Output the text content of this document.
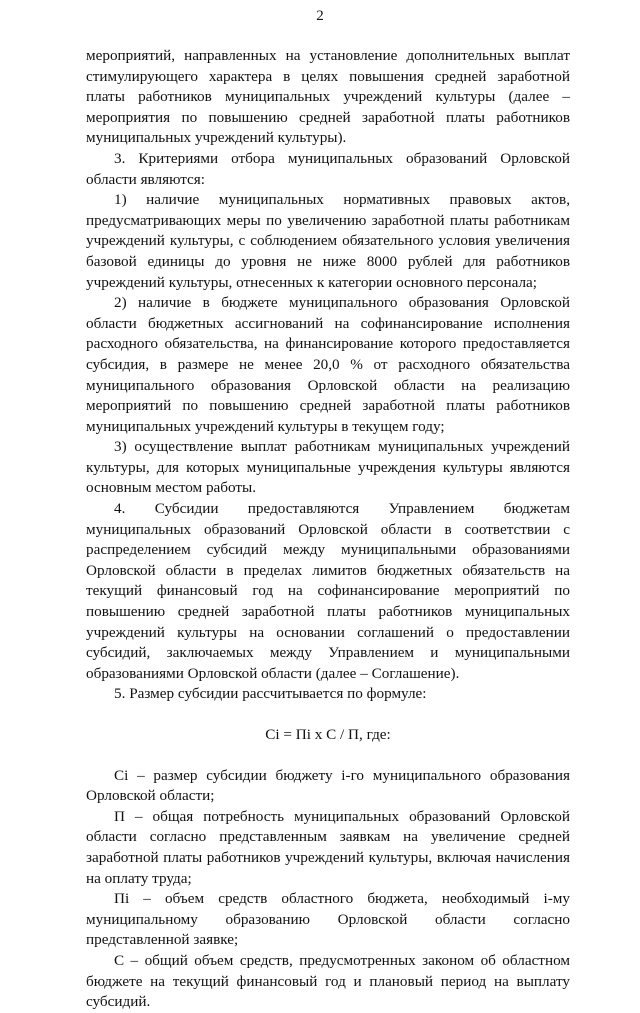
2

мероприятий, направленных на установление дополнительных выплат стимулирующего характера в целях повышения средней заработной платы работников муниципальных учреждений культуры (далее – мероприятия по повышению средней заработной платы работников муниципальных учреждений культуры).

3. Критериями отбора муниципальных образований Орловской области являются:

1) наличие муниципальных нормативных правовых актов, предусматривающих меры по увеличению заработной платы работникам учреждений культуры, с соблюдением обязательного условия увеличения базовой единицы до уровня не ниже 8000 рублей для работников учреждений культуры, отнесенных к категории основного персонала;

2) наличие в бюджете муниципального образования Орловской области бюджетных ассигнований на софинансирование исполнения расходного обязательства, на финансирование которого предоставляется субсидия, в размере не менее 20,0 % от расходного обязательства муниципального образования Орловской области на реализацию мероприятий по повышению средней заработной платы работников муниципальных учреждений культуры в текущем году;

3) осуществление выплат работникам муниципальных учреждений культуры, для которых муниципальные учреждения культуры являются основным местом работы.

4. Субсидии предоставляются Управлением бюджетам муниципальных образований Орловской области в соответствии с распределением субсидий между муниципальными образованиями Орловской области в пределах лимитов бюджетных обязательств на текущий финансовый год на софинансирование мероприятий по повышению средней заработной платы работников муниципальных учреждений культуры на основании соглашений о предоставлении субсидий, заключаемых между Управлением и муниципальными образованиями Орловской области (далее – Соглашение).

5. Размер субсидии рассчитывается по формуле:

Ci = Пi x C / П, где:

Ci – размер субсидии бюджету i-го муниципального образования Орловской области;

П – общая потребность муниципальных образований Орловской области согласно представленным заявкам на увеличение средней заработной платы работников учреждений культуры, включая начисления на оплату труда;

Пi – объем средств областного бюджета, необходимый i-му муниципальному образованию Орловской области согласно представленной заявке;

C – общий объем средств, предусмотренных законом об областном бюджете на текущий финансовый год и плановый период на выплату субсидий.
